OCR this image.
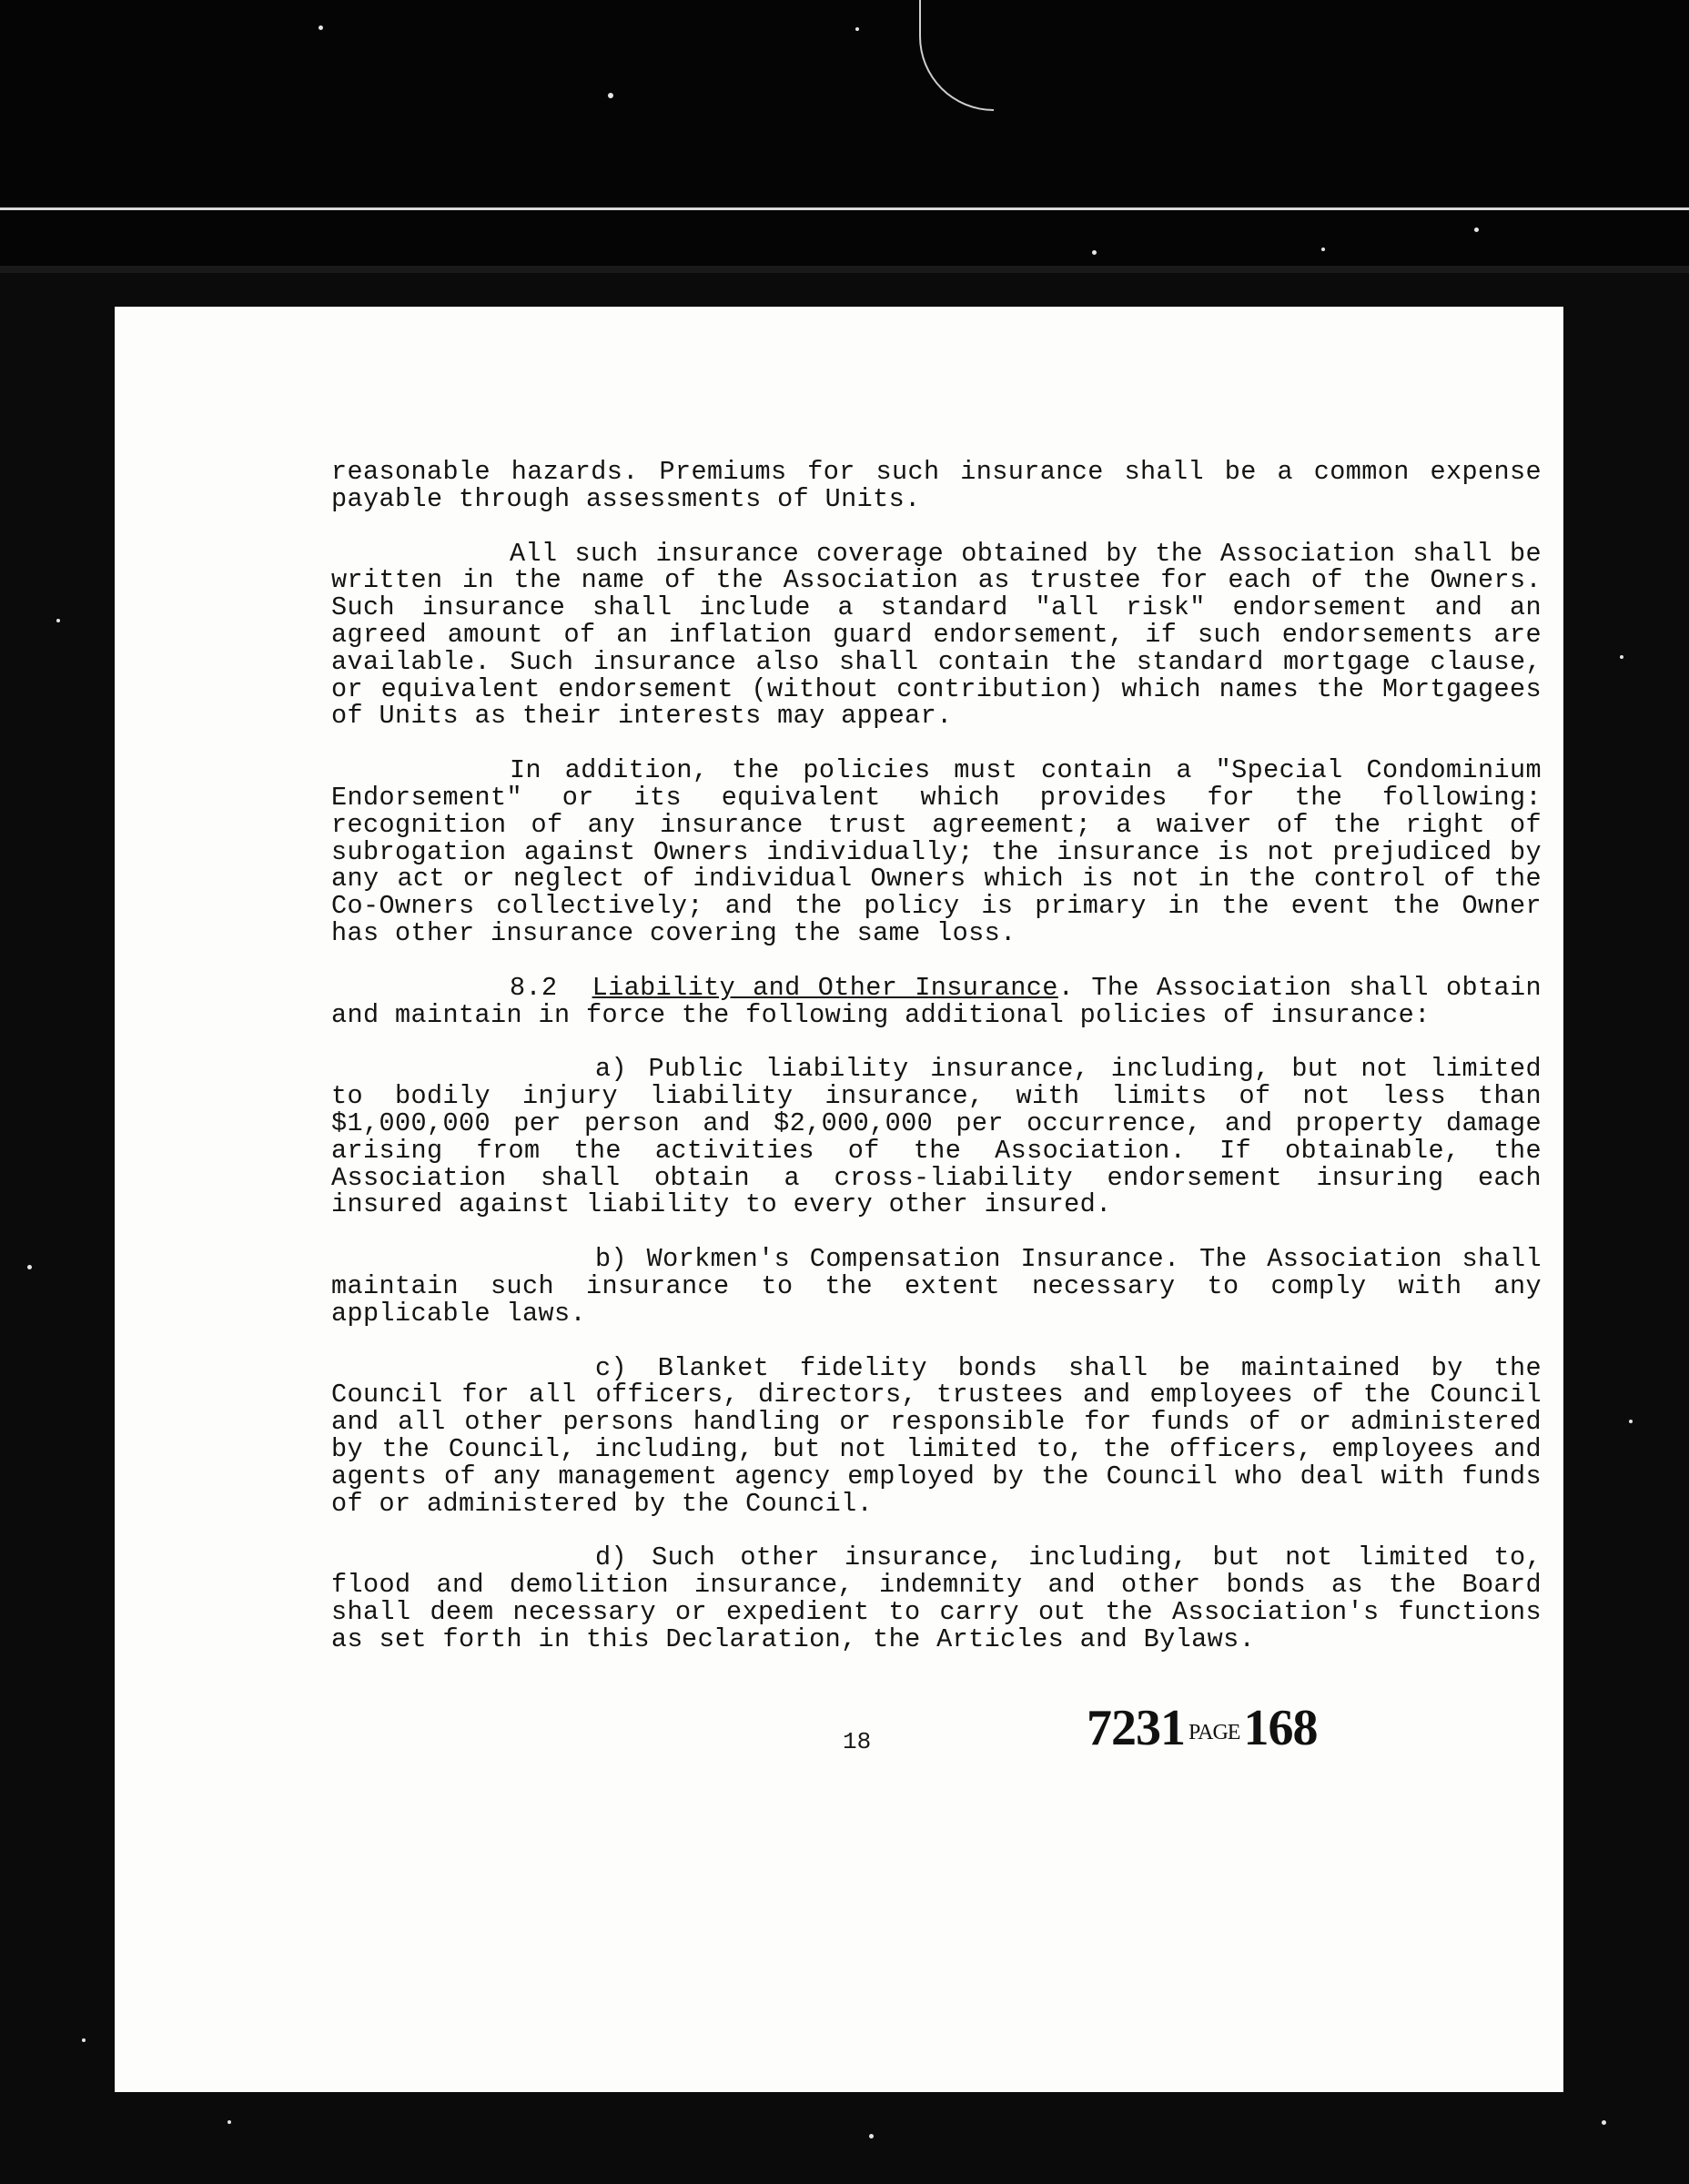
reasonable hazards. Premiums for such insurance shall be a common expense payable through assessments of Units.

All such insurance coverage obtained by the Association shall be written in the name of the Association as trustee for each of the Owners. Such insurance shall include a standard "all risk" endorsement and an agreed amount of an inflation guard endorsement, if such endorsements are available. Such insurance also shall contain the standard mortgage clause, or equivalent endorsement (without contribution) which names the Mortgagees of Units as their interests may appear.

In addition, the policies must contain a "Special Condominium Endorsement" or its equivalent which provides for the following: recognition of any insurance trust agreement; a waiver of the right of subrogation against Owners individually; the insurance is not prejudiced by any act or neglect of individual Owners which is not in the control of the Co-Owners collectively; and the policy is primary in the event the Owner has other insurance covering the same loss.

8.2 Liability and Other Insurance. The Association shall obtain and maintain in force the following additional policies of insurance:

a) Public liability insurance, including, but not limited to bodily injury liability insurance, with limits of not less than $1,000,000 per person and $2,000,000 per occurrence, and property damage arising from the activities of the Association. If obtainable, the Association shall obtain a cross-liability endorsement insuring each insured against liability to every other insured.

b) Workmen's Compensation Insurance. The Association shall maintain such insurance to the extent necessary to comply with any applicable laws.

c) Blanket fidelity bonds shall be maintained by the Council for all officers, directors, trustees and employees of the Council and all other persons handling or responsible for funds of or administered by the Council, including, but not limited to, the officers, employees and agents of any management agency employed by the Council who deal with funds of or administered by the Council.

d) Such other insurance, including, but not limited to, flood and demolition insurance, indemnity and other bonds as the Board shall deem necessary or expedient to carry out the Association's functions as set forth in this Declaration, the Articles and Bylaws.

18	7231 PAGE168
